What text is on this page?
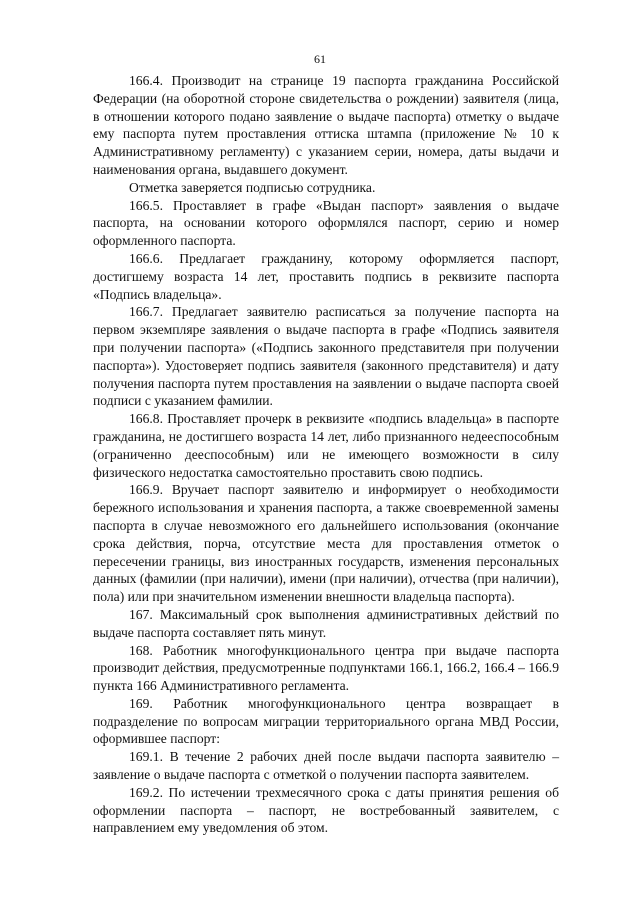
61

166.4. Производит на странице 19 паспорта гражданина Российской Федерации (на оборотной стороне свидетельства о рождении) заявителя (лица, в отношении которого подано заявление о выдаче паспорта) отметку о выдаче ему паспорта путем проставления оттиска штампа (приложение № 10 к Административному регламенту) с указанием серии, номера, даты выдачи и наименования органа, выдавшего документ.

Отметка заверяется подписью сотрудника.

166.5. Проставляет в графе «Выдан паспорт» заявления о выдаче паспорта, на основании которого оформлялся паспорт, серию и номер оформленного паспорта.

166.6. Предлагает гражданину, которому оформляется паспорт, достигшему возраста 14 лет, проставить подпись в реквизите паспорта «Подпись владельца».

166.7. Предлагает заявителю расписаться за получение паспорта на первом экземпляре заявления о выдаче паспорта в графе «Подпись заявителя при получении паспорта» («Подпись законного представителя при получении паспорта»). Удостоверяет подпись заявителя (законного представителя) и дату получения паспорта путем проставления на заявлении о выдаче паспорта своей подписи с указанием фамилии.

166.8. Проставляет прочерк в реквизите «подпись владельца» в паспорте гражданина, не достигшего возраста 14 лет, либо признанного недееспособным (ограниченно дееспособным) или не имеющего возможности в силу физического недостатка самостоятельно проставить свою подпись.

166.9. Вручает паспорт заявителю и информирует о необходимости бережного использования и хранения паспорта, а также своевременной замены паспорта в случае невозможного его дальнейшего использования (окончание срока действия, порча, отсутствие места для проставления отметок о пересечении границы, виз иностранных государств, изменения персональных данных (фамилии (при наличии), имени (при наличии), отчества (при наличии), пола) или при значительном изменении внешности владельца паспорта).

167. Максимальный срок выполнения административных действий по выдаче паспорта составляет пять минут.

168. Работник многофункционального центра при выдаче паспорта производит действия, предусмотренные подпунктами 166.1, 166.2, 166.4 – 166.9 пункта 166 Административного регламента.

169. Работник многофункционального центра возвращает в подразделение по вопросам миграции территориального органа МВД России, оформившее паспорт:

169.1. В течение 2 рабочих дней после выдачи паспорта заявителю – заявление о выдаче паспорта с отметкой о получении паспорта заявителем.

169.2. По истечении трехмесячного срока с даты принятия решения об оформлении паспорта – паспорт, не востребованный заявителем, с направлением ему уведомления об этом.
